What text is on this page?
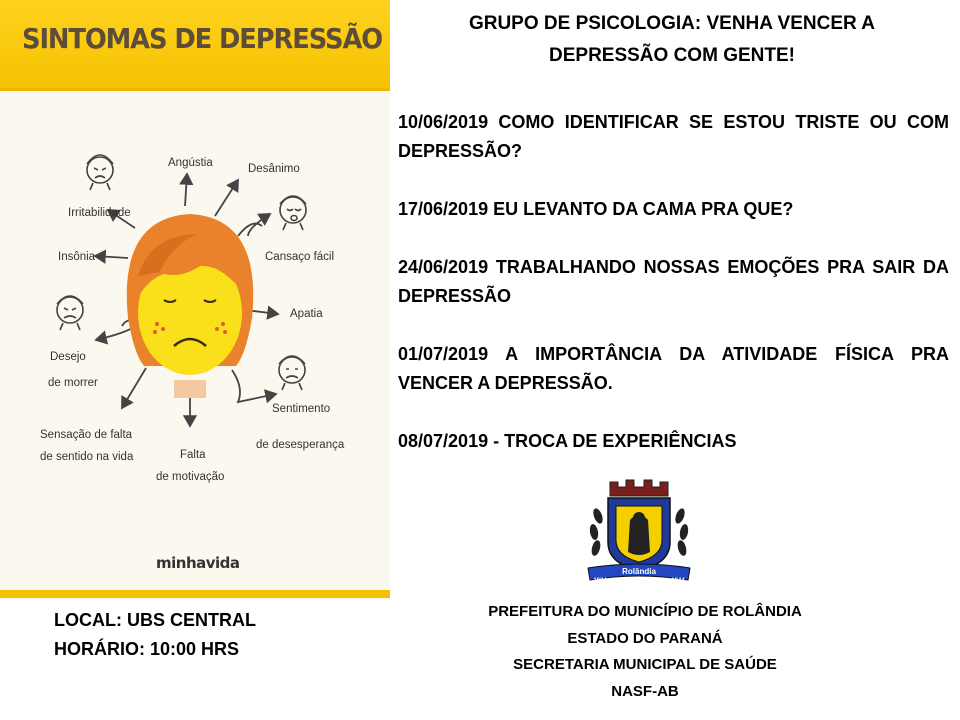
SINTOMAS DE DEPRESSÃO
Angústia	Desânimo
Irritabilidade
Cansaço fácil
Insônia
Apatia
Desejo
de morrer
Sentimento
de desesperança
Sensação de falta
de sentido na vida	Falta
de motivação
minhavida
LOCAL: UBS CENTRAL
HORÁRIO: 10:00 HRS
GRUPO DE PSICOLOGIA: VENHA VENCER A
DEPRESSÃO COM GENTE!

10/06/2019 COMO IDENTIFICAR SE ESTOU TRISTE OU COM DEPRESSÃO?

17/06/2019 EU LEVANTO DA CAMA PRA QUE?

24/06/2019 TRABALHANDO NOSSAS EMOÇÕES PRA SAIR DA DEPRESSÃO

01/07/2019 A IMPORTÂNCIA DA ATIVIDADE FÍSICA PRA VENCER A DEPRESSÃO.

08/07/2019 - TROCA DE EXPERIÊNCIAS

Rolândia
1934	1944
PREFEITURA DO MUNICÍPIO DE ROLÂNDIA
ESTADO DO PARANÁ
SECRETARIA MUNICIPAL DE SAÚDE
NASF-AB
